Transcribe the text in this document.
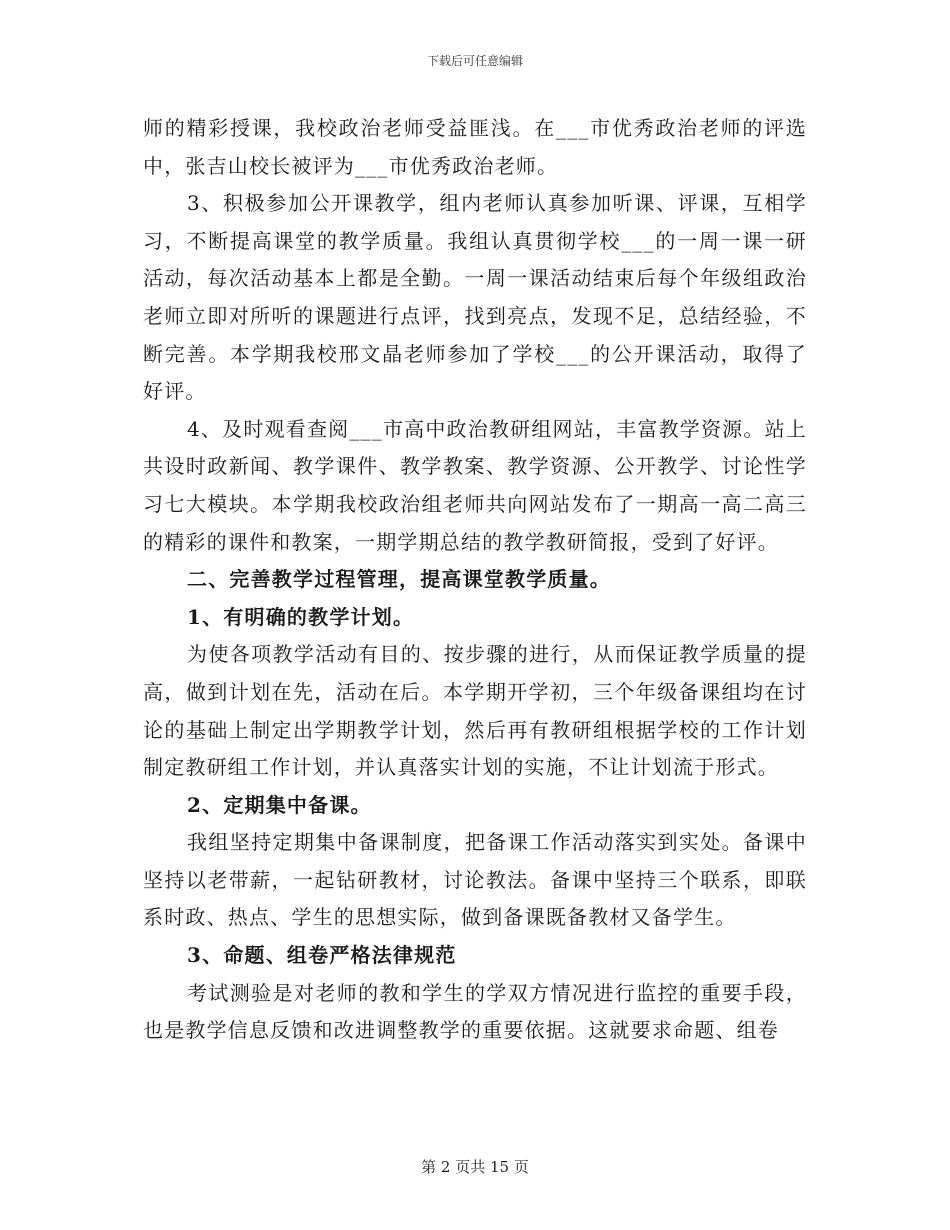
下载后可任意编辑

师的精彩授课，我校政治老师受益匪浅。在___市优秀政治老师的评选中，张吉山校长被评为___市优秀政治老师。

3、积极参加公开课教学，组内老师认真参加听课、评课，互相学习，不断提高课堂的教学质量。我组认真贯彻学校___的一周一课一研活动，每次活动基本上都是全勤。一周一课活动结束后每个年级组政治老师立即对所听的课题进行点评，找到亮点，发现不足，总结经验，不断完善。本学期我校邢文晶老师参加了学校___的公开课活动，取得了好评。

4、及时观看查阅___市高中政治教研组网站，丰富教学资源。站上共设时政新闻、教学课件、教学教案、教学资源、公开教学、讨论性学习七大模块。本学期我校政治组老师共向网站发布了一期高一高二高三的精彩的课件和教案，一期学期总结的教学教研简报，受到了好评。

二、完善教学过程管理，提高课堂教学质量。

1、有明确的教学计划。

为使各项教学活动有目的、按步骤的进行，从而保证教学质量的提高，做到计划在先，活动在后。本学期开学初，三个年级备课组均在讨论的基础上制定出学期教学计划，然后再有教研组根据学校的工作计划制定教研组工作计划，并认真落实计划的实施，不让计划流于形式。

2、定期集中备课。

我组坚持定期集中备课制度，把备课工作活动落实到实处。备课中坚持以老带薪，一起钻研教材，讨论教法。备课中坚持三个联系，即联系时政、热点、学生的思想实际，做到备课既备教材又备学生。

3、命题、组卷严格法律规范

考试测验是对老师的教和学生的学双方情况进行监控的重要手段，也是教学信息反馈和改进调整教学的重要依据。这就要求命题、组卷

第 2 页共 15 页
